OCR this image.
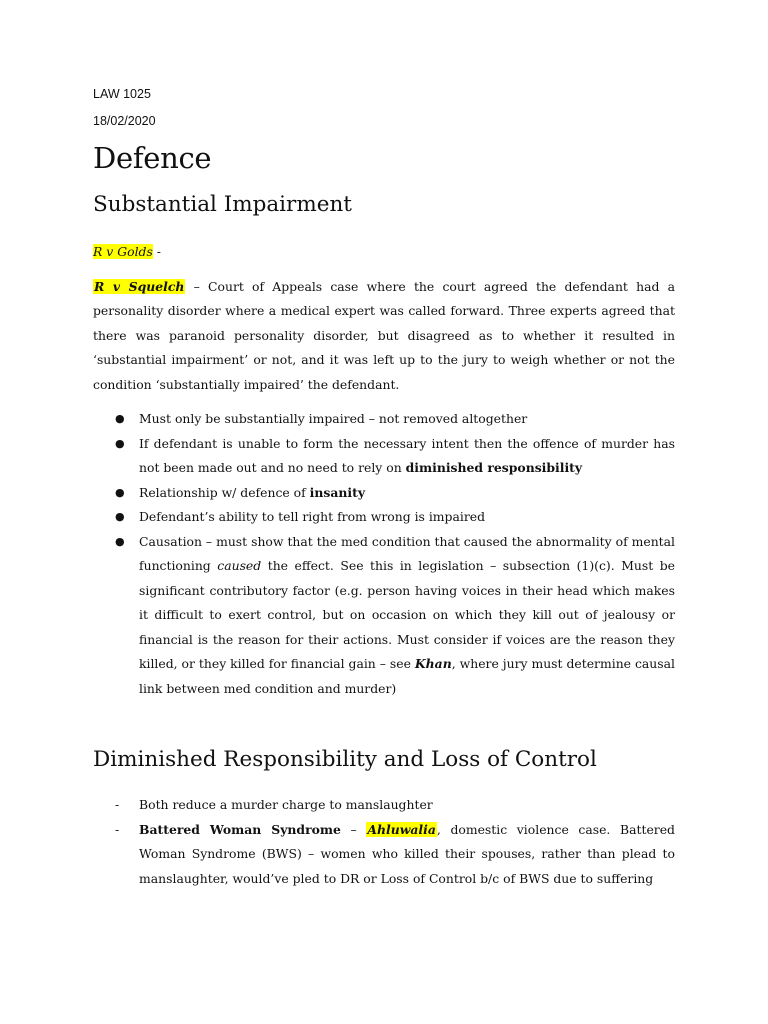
LAW 1025
18/02/2020
Defence
Substantial Impairment

R v Golds -

R v Squelch – Court of Appeals case where the court agreed the defendant had a personality disorder where a medical expert was called forward. Three experts agreed that there was paranoid personality disorder, but disagreed as to whether it resulted in ‘substantial impairment’ or not, and it was left up to the jury to weigh whether or not the condition ‘substantially impaired’ the defendant.

● Must only be substantially impaired – not removed altogether
● If defendant is unable to form the necessary intent then the offence of murder has not been made out and no need to rely on diminished responsibility
● Relationship w/ defence of insanity
● Defendant’s ability to tell right from wrong is impaired
● Causation – must show that the med condition that caused the abnormality of mental functioning caused the effect. See this in legislation – subsection (1)(c). Must be significant contributory factor (e.g. person having voices in their head which makes it difficult to exert control, but on occasion on which they kill out of jealousy or financial is the reason for their actions. Must consider if voices are the reason they killed, or they killed for financial gain – see Khan, where jury must determine causal link between med condition and murder)
Diminished Responsibility and Loss of Control
- Both reduce a murder charge to manslaughter
- Battered Woman Syndrome – Ahluwalia, domestic violence case. Battered Woman Syndrome (BWS) – women who killed their spouses, rather than plead to manslaughter, would’ve pled to DR or Loss of Control b/c of BWS due to suffering
